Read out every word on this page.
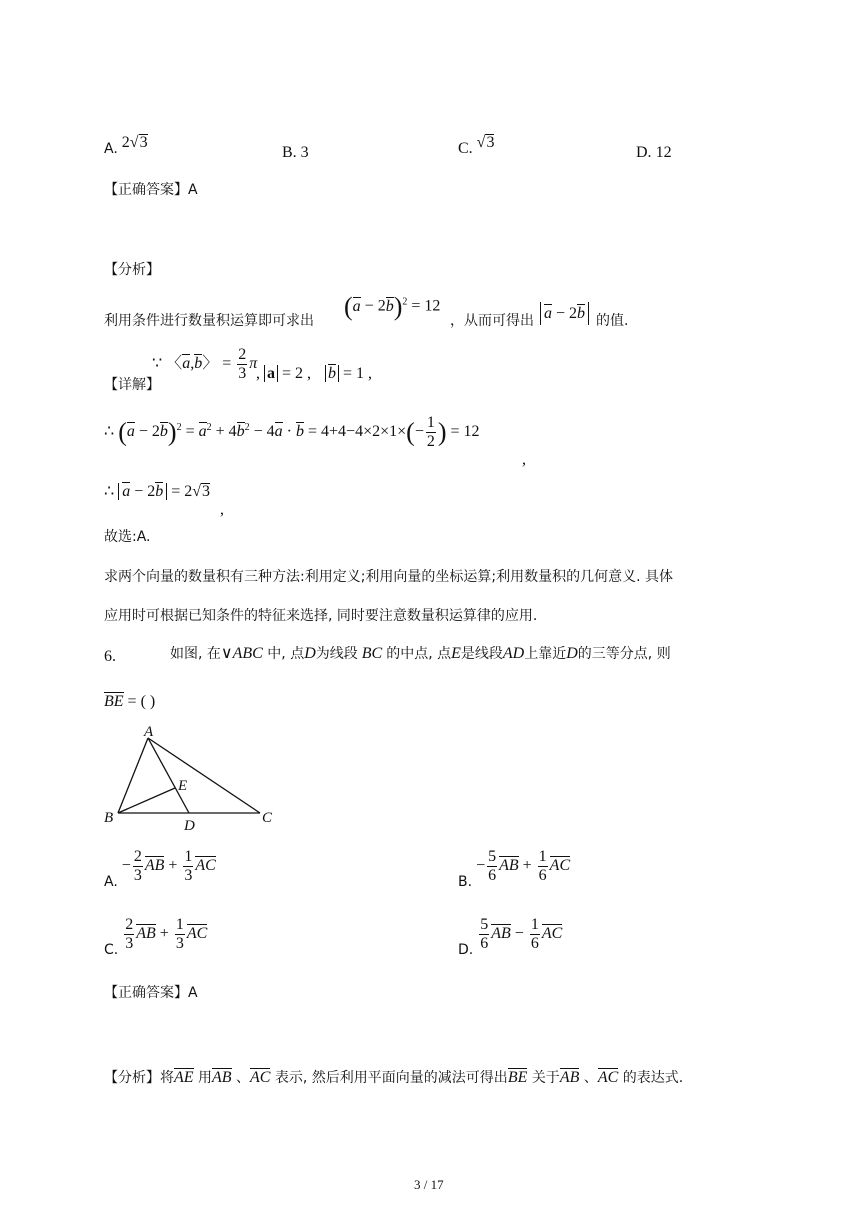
A. 2√3
B. 3	C. √3
D. 12
【正确答案】A
【分析】
利用条件进行数量积运算即可求出 $(a - 2b)^2 = 12$
，从而可得出 a − 2b 的值.
∵ 〈a,b〉 = $\frac{2}{3}$ π
【详解】
, a = 2 , b = 1 ,
∴ $(a - 2b)^2 = a^2 + 4b^2 - 4a \cdot b = 4+4-4\times 2\times 1\times(- \frac{1}{2}$ ) = 12
,
∴ a − 2b = 2√3
,
故选:A.
求两个向量的数量积有三种方法:利用定义;利用向量的坐标运算;利用数量积的几何意义. 具体
应用时可根据已知条件的特征来选择, 同时要注意数量积运算律的应用.
6.	如图, 在∨ABC 中, 点D为线段 BC 的中点, 点E是线段AD上靠近D的三等分点, 则
BE = ( )
A
B	C
D
E
A. − $\frac{2}{3}$ AB + $\frac{1}{3}$ AC
B. − $\frac{5}{6}$ AB + $\frac{1}{6}$ AC
C. $\frac{2}{3}$ AB + $\frac{1}{3}$ AC
D. $\frac{5}{6}$ AB − $\frac{1}{6}$ AC
【正确答案】A
【分析】将AE 用AB 、AC 表示, 然后利用平面向量的减法可得出BE 关于AB 、AC 的表达式.
3 / 17
